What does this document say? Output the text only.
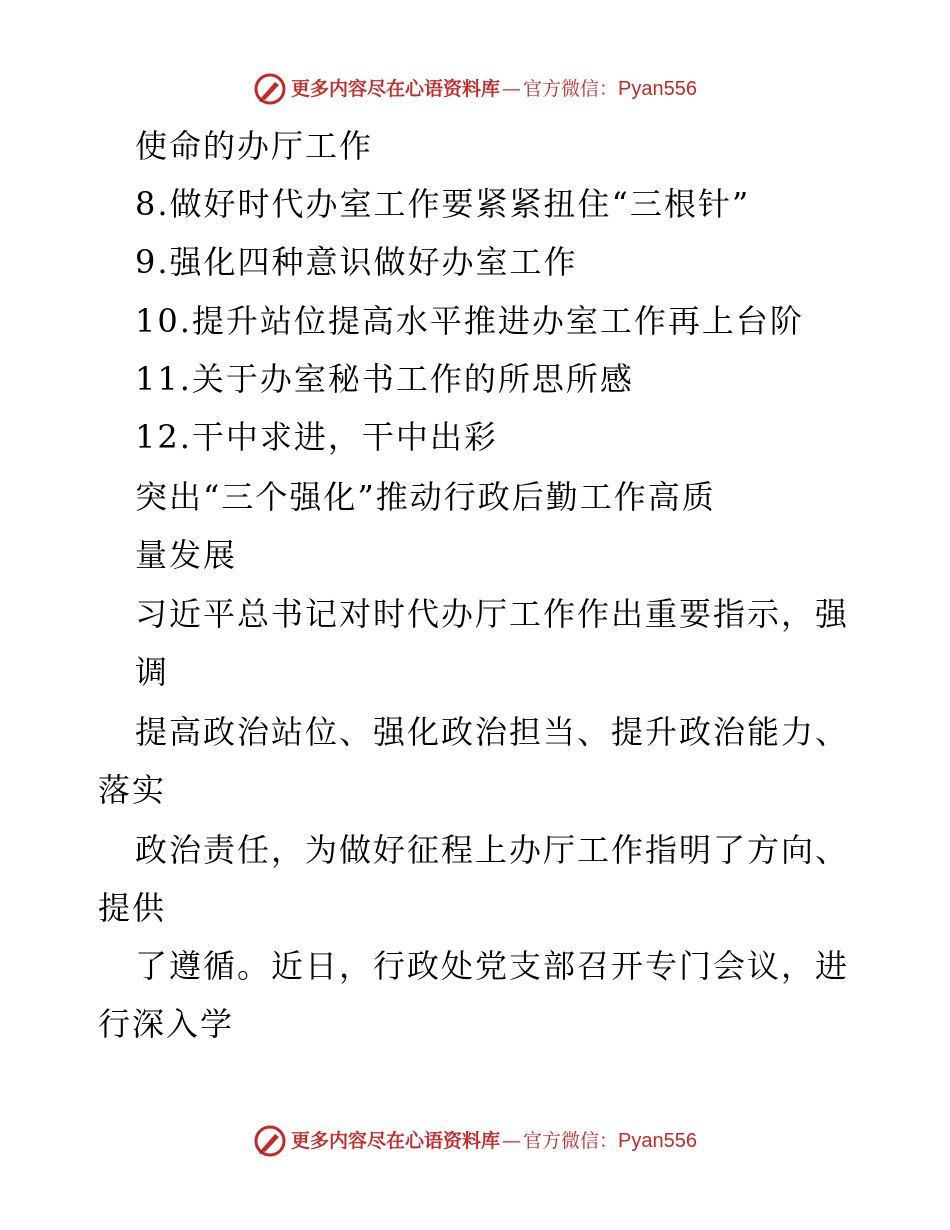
更多内容尽在心语资料库 — 官方微信： Pyan556

使命的办厅工作

8.做好时代办室工作要紧紧扭住“三根针”

9.强化四种意识做好办室工作

10.提升站位提高水平推进办室工作再上台阶

11.关于办室秘书工作的所思所感

12.干中求进，干中出彩

突出“三个强化”推动行政后勤工作高质

量发展

习近平总书记对时代办厅工作作出重要指示，强

调

提高政治站位、强化政治担当、提升政治能力、

落实

政治责任，为做好征程上办厅工作指明了方向、

提供

了遵循。近日，行政处党支部召开专门会议，进

行深入学

更多内容尽在心语资料库 — 官方微信： Pyan556
